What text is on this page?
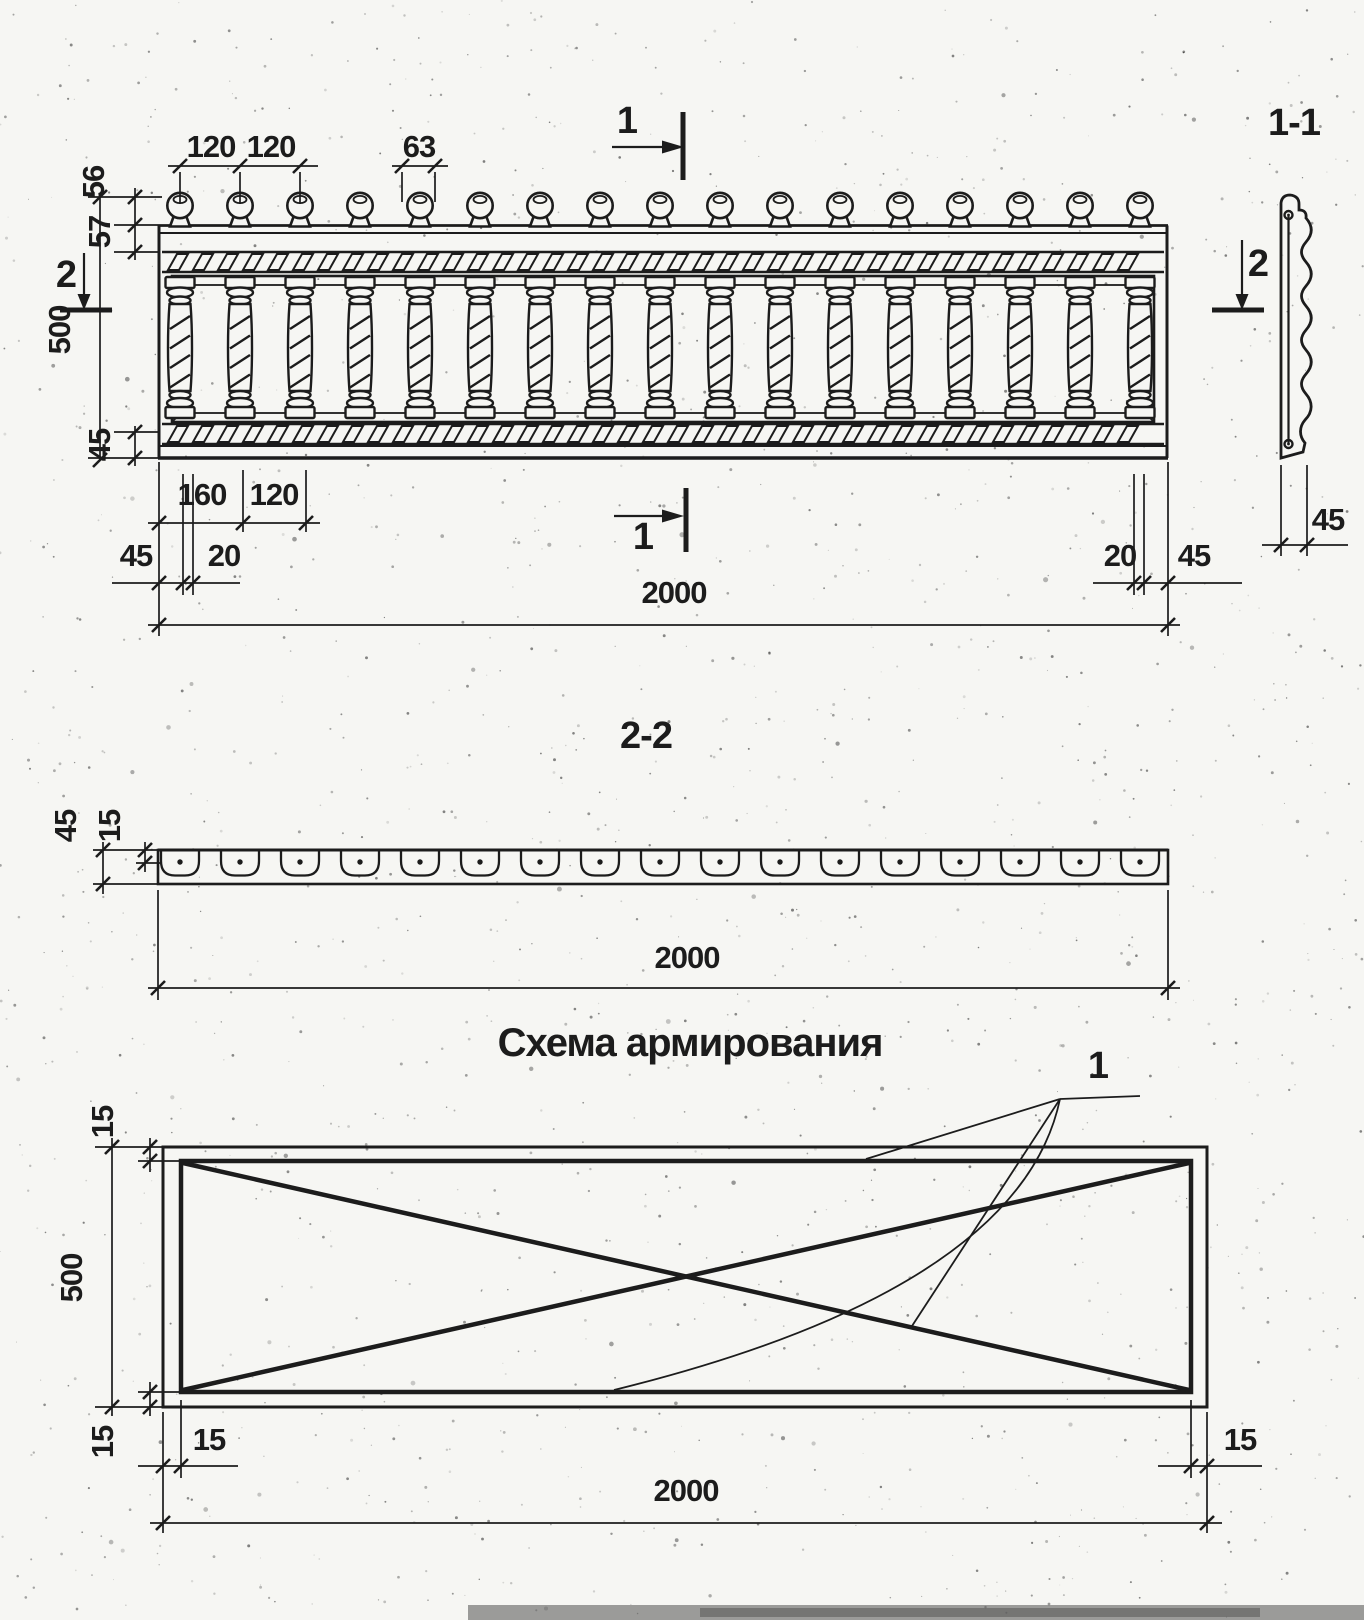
120 120	63
56
57
500
45
1
1
2	2
160 120
45 20	20 45
2000
1-1
45
2-2
45 15
2000
Схема армирования
1
15
500
15 15	15
2000
